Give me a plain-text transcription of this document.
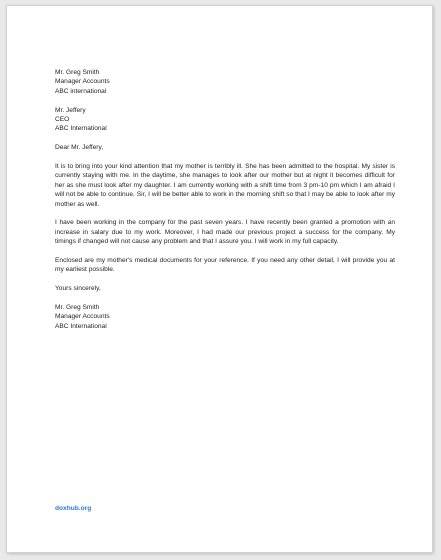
Mr. Greg Smith
Manager Accounts
ABC international
Mr. Jeffery
CEO
ABC International
Dear Mr. Jeffery,

It is to bring into your kind attention that my mother is terribly ill. She has been admitted to the hospital. My sister is currently staying with me. In the daytime, she manages to look after our mother but at night it becomes difficult for her as she must look after my daughter. I am currently working with a shift time from 3 pm-10 pm which I am afraid I will not be able to continue. Sir, I will be better able to work in the morning shift so that I may be able to look after my mother as well.

I have been working in the company for the past seven years. I have recently been granted a promotion with an increase in salary due to my work. Moreover, I had made our previous project a success for the company. My timings if changed will not cause any problem and that I assure you. I will work in my full capacity.

Enclosed are my mother's medical documents for your reference. If you need any other detail, I will provide you at my earliest possible.

Yours sincerely,
Mr. Greg Smith
Manager Accounts
ABC International
doxhub.org
